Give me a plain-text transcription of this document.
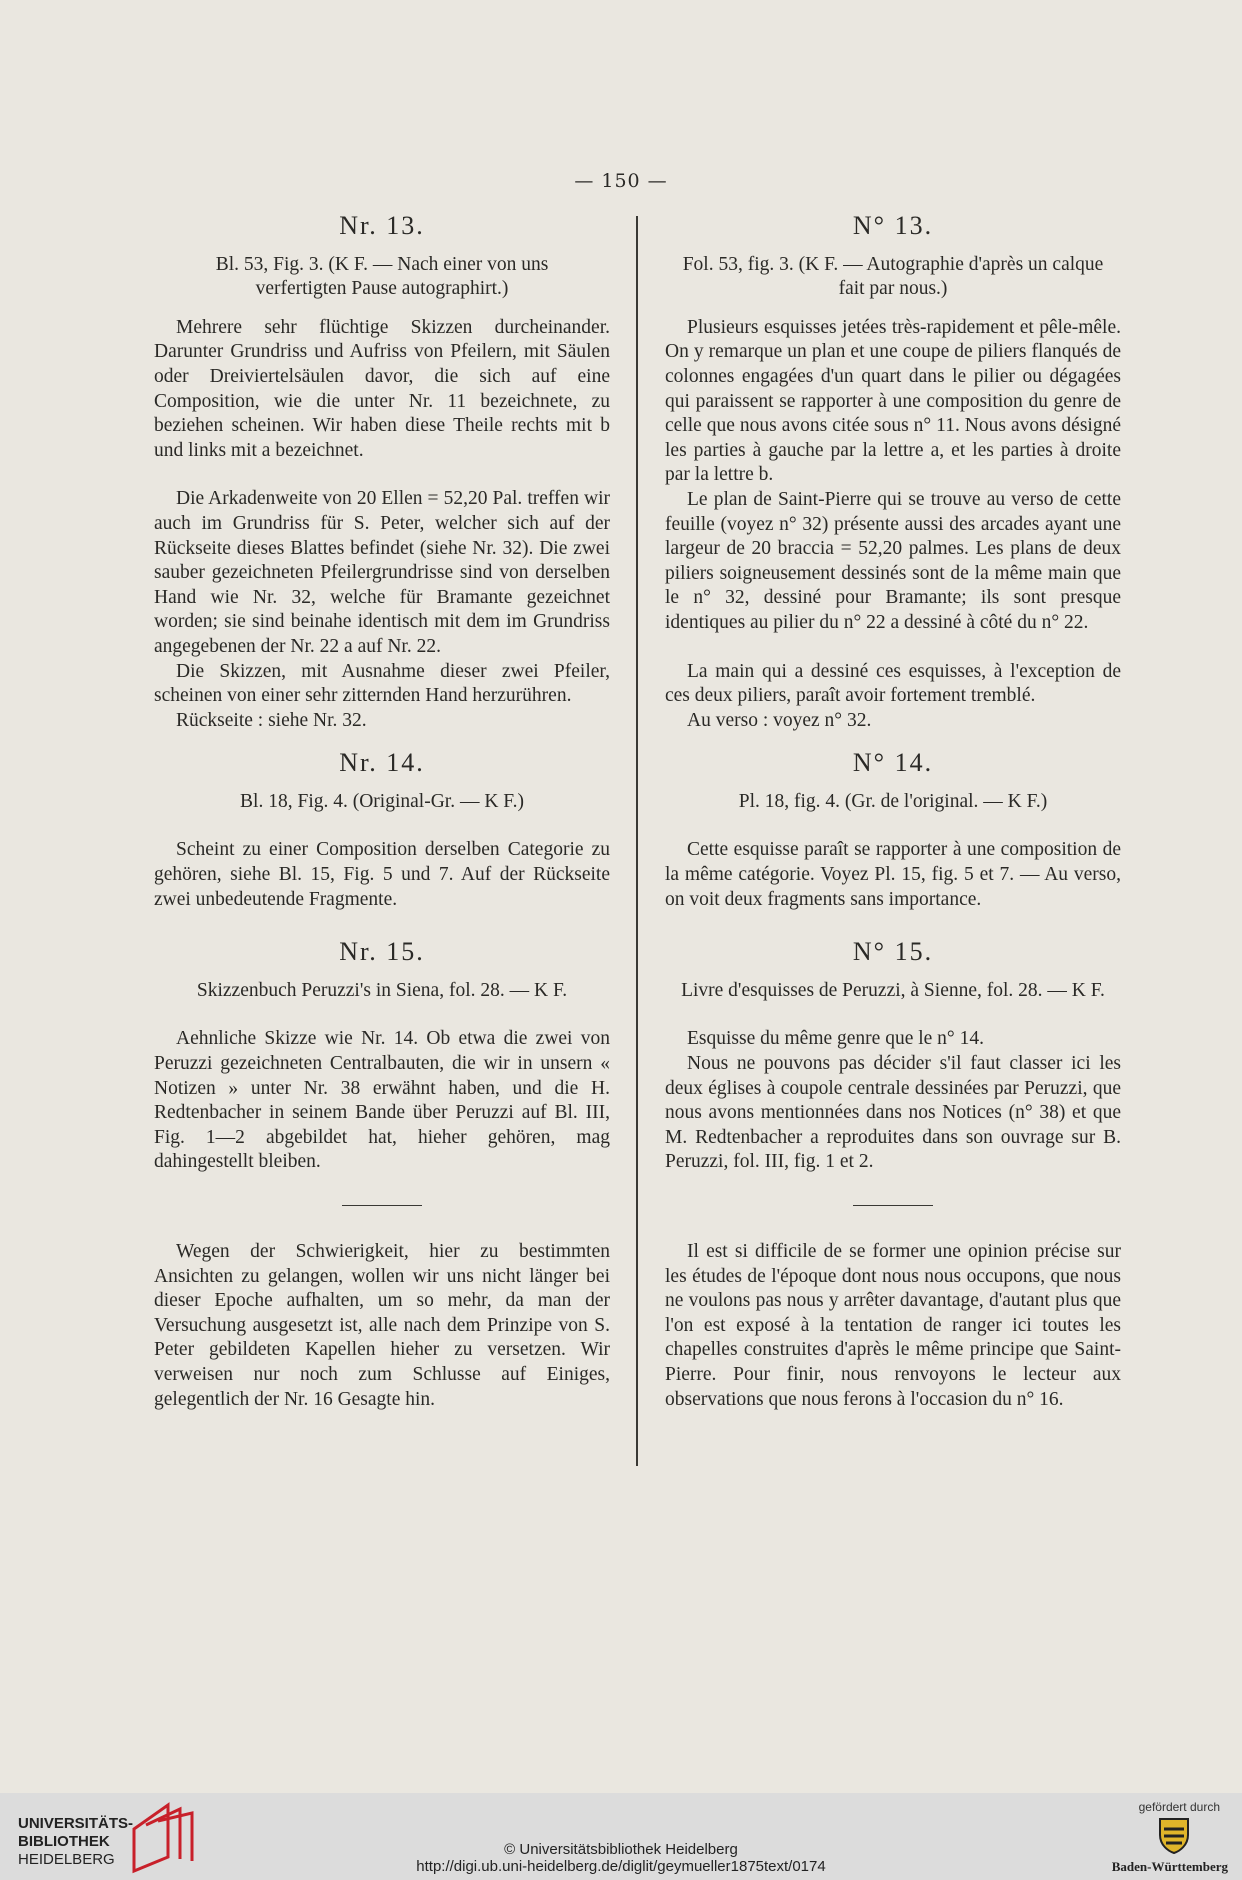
— 150 —
Nr. 13.
Bl. 53, Fig. 3. (K F. — Nach einer von uns verfertigten Pause autographirt.)

Mehrere sehr flüchtige Skizzen durcheinander. Darunter Grundriss und Aufriss von Pfeilern, mit Säulen oder Dreiviertelsäulen davor, die sich auf eine Composition, wie die unter Nr. 11 bezeichnete, zu beziehen scheinen. Wir haben diese Theile rechts mit b und links mit a bezeichnet.

Die Arkadenweite von 20 Ellen = 52,20 Pal. treffen wir auch im Grundriss für S. Peter, welcher sich auf der Rückseite dieses Blattes befindet (siehe Nr. 32). Die zwei sauber gezeichneten Pfeilergrundrisse sind von derselben Hand wie Nr. 32, welche für Bramante gezeichnet worden; sie sind beinahe identisch mit dem im Grundriss angegebenen der Nr. 22 a auf Nr. 22.

Die Skizzen, mit Ausnahme dieser zwei Pfeiler, scheinen von einer sehr zitternden Hand herzurühren.

Rückseite : siehe Nr. 32.

Nr. 14.
Bl. 18, Fig. 4. (Original-Gr. — K F.)

Scheint zu einer Composition derselben Categorie zu gehören, siehe Bl. 15, Fig. 5 und 7. Auf der Rückseite zwei unbedeutende Fragmente.

Nr. 15.
Skizzenbuch Peruzzi's in Siena, fol. 28. — K F.

Aehnliche Skizze wie Nr. 14. Ob etwa die zwei von Peruzzi gezeichneten Centralbauten, die wir in unsern « Notizen » unter Nr. 38 erwähnt haben, und die H. Redtenbacher in seinem Bande über Peruzzi auf Bl. III, Fig. 1—2 abgebildet hat, hieher gehören, mag dahingestellt bleiben.

Wegen der Schwierigkeit, hier zu bestimmten Ansichten zu gelangen, wollen wir uns nicht länger bei dieser Epoche aufhalten, um so mehr, da man der Versuchung ausgesetzt ist, alle nach dem Prinzipe von S. Peter gebildeten Kapellen hieher zu versetzen. Wir verweisen nur noch zum Schlusse auf Einiges, gelegentlich der Nr. 16 Gesagte hin.

N° 13.
Fol. 53, fig. 3. (K F. — Autographie d'après un calque fait par nous.)

Plusieurs esquisses jetées très-rapidement et pêle-mêle. On y remarque un plan et une coupe de piliers flanqués de colonnes engagées d'un quart dans le pilier ou dégagées qui paraissent se rapporter à une composition du genre de celle que nous avons citée sous n° 11. Nous avons désigné les parties à gauche par la lettre a, et les parties à droite par la lettre b.

Le plan de Saint-Pierre qui se trouve au verso de cette feuille (voyez n° 32) présente aussi des arcades ayant une largeur de 20 braccia = 52,20 palmes. Les plans de deux piliers soigneusement dessinés sont de la même main que le n° 32, dessiné pour Bramante; ils sont presque identiques au pilier du n° 22 a dessiné à côté du n° 22.

La main qui a dessiné ces esquisses, à l'exception de ces deux piliers, paraît avoir fortement tremblé.

Au verso : voyez n° 32.

N° 14.
Pl. 18, fig. 4. (Gr. de l'original. — K F.)

Cette esquisse paraît se rapporter à une composition de la même catégorie. Voyez Pl. 15, fig. 5 et 7. — Au verso, on voit deux fragments sans importance.

N° 15.
Livre d'esquisses de Peruzzi, à Sienne, fol. 28. — K F.

Esquisse du même genre que le n° 14.

Nous ne pouvons pas décider s'il faut classer ici les deux églises à coupole centrale dessinées par Peruzzi, que nous avons mentionnées dans nos Notices (n° 38) et que M. Redtenbacher a reproduites dans son ouvrage sur B. Peruzzi, fol. III, fig. 1 et 2.

Il est si difficile de se former une opinion précise sur les études de l'époque dont nous nous occupons, que nous ne voulons pas nous y arrêter davantage, d'autant plus que l'on est exposé à la tentation de ranger ici toutes les chapelles construites d'après le même principe que Saint-Pierre. Pour finir, nous renvoyons le lecteur aux observations que nous ferons à l'occasion du n° 16.

UNIVERSITÄTS-
BIBLIOTHEK
HEIDELBERG
© Universitätsbibliothek Heidelberg
http://digi.ub.uni-heidelberg.de/diglit/geymueller1875text/0174
gefördert durch
Baden-Württemberg
